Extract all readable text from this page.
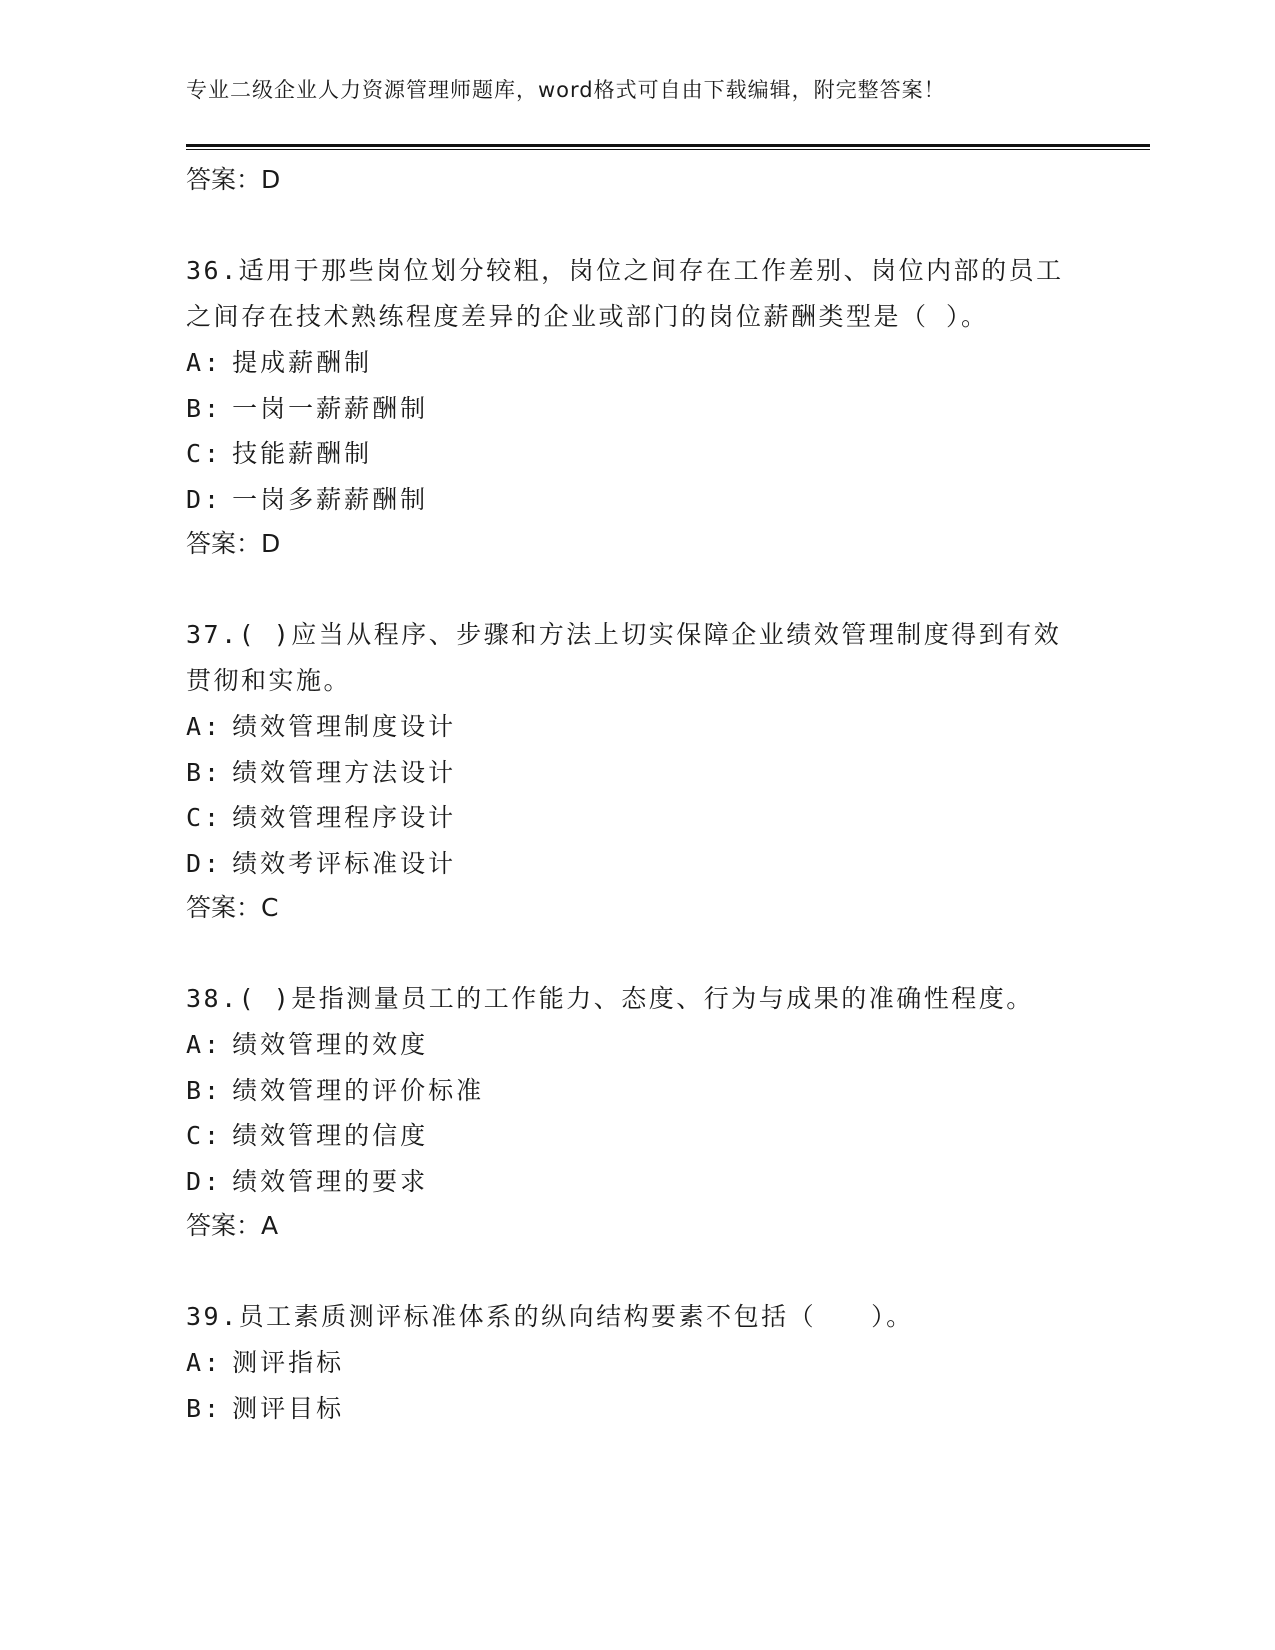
专业二级企业人力资源管理师题库，word格式可自由下载编辑，附完整答案！
答案：D
36.适用于那些岗位划分较粗，岗位之间存在工作差别、岗位内部的员工之间存在技术熟练程度差异的企业或部门的岗位薪酬类型是（ ）。
A: 提成薪酬制
B: 一岗一薪薪酬制
C: 技能薪酬制
D: 一岗多薪薪酬制
答案：D
37.( )应当从程序、步骤和方法上切实保障企业绩效管理制度得到有效贯彻和实施。
A: 绩效管理制度设计
B: 绩效管理方法设计
C: 绩效管理程序设计
D: 绩效考评标准设计
答案：C
38.( )是指测量员工的工作能力、态度、行为与成果的准确性程度。
A: 绩效管理的效度
B: 绩效管理的评价标准
C: 绩效管理的信度
D: 绩效管理的要求
答案：A
39.员工素质测评标准体系的纵向结构要素不包括（　　）。
A: 测评指标
B: 测评目标
